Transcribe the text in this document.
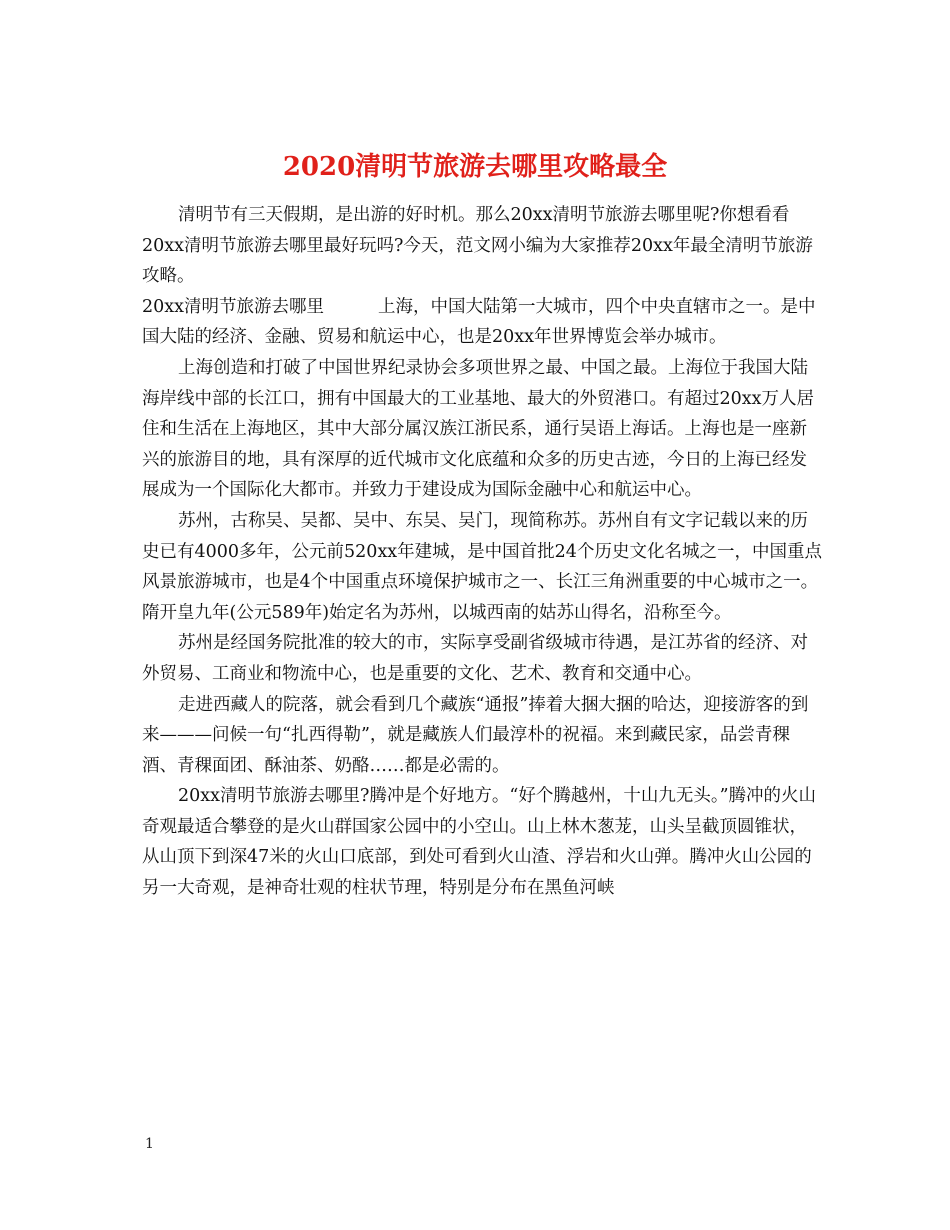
2020清明节旅游去哪里攻略最全

清明节有三天假期，是出游的好时机。那么20xx清明节旅游去哪里呢?你想看看20xx清明节旅游去哪里最好玩吗?今天，范文网小编为大家推荐20xx年最全清明节旅游攻略。

20xx清明节旅游去哪里	上海，中国大陆第一大城市，四个中央直辖市之一。是中国大陆的经济、金融、贸易和航运中心，也是20xx年世界博览会举办城市。

上海创造和打破了中国世界纪录协会多项世界之最、中国之最。上海位于我国大陆海岸线中部的长江口，拥有中国最大的工业基地、最大的外贸港口。有超过20xx万人居住和生活在上海地区，其中大部分属汉族江浙民系，通行吴语上海话。上海也是一座新兴的旅游目的地，具有深厚的近代城市文化底蕴和众多的历史古迹，今日的上海已经发展成为一个国际化大都市。并致力于建设成为国际金融中心和航运中心。

苏州，古称吴、吴都、吴中、东吴、吴门，现简称苏。苏州自有文字记载以来的历史已有4000多年，公元前520xx年建城，是中国首批24个历史文化名城之一，中国重点风景旅游城市，也是4个中国重点环境保护城市之一、长江三角洲重要的中心城市之一。隋开皇九年(公元589年)始定名为苏州，以城西南的姑苏山得名，沿称至今。

苏州是经国务院批准的较大的市，实际享受副省级城市待遇，是江苏省的经济、对外贸易、工商业和物流中心，也是重要的文化、艺术、教育和交通中心。

走进西藏人的院落，就会看到几个藏族“通报”捧着大捆大捆的哈达，迎接游客的到来———问候一句“扎西得勒”，就是藏族人们最淳朴的祝福。来到藏民家，品尝青稞酒、青稞面团、酥油茶、奶酪……都是必需的。

20xx清明节旅游去哪里?腾冲是个好地方。“好个腾越州，十山九无头。”腾冲的火山奇观最适合攀登的是火山群国家公园中的小空山。山上林木葱茏，山头呈截顶圆锥状，从山顶下到深47米的火山口底部，到处可看到火山渣、浮岩和火山弹。腾冲火山公园的另一大奇观，是神奇壮观的柱状节理，特别是分布在黑鱼河峡

1
